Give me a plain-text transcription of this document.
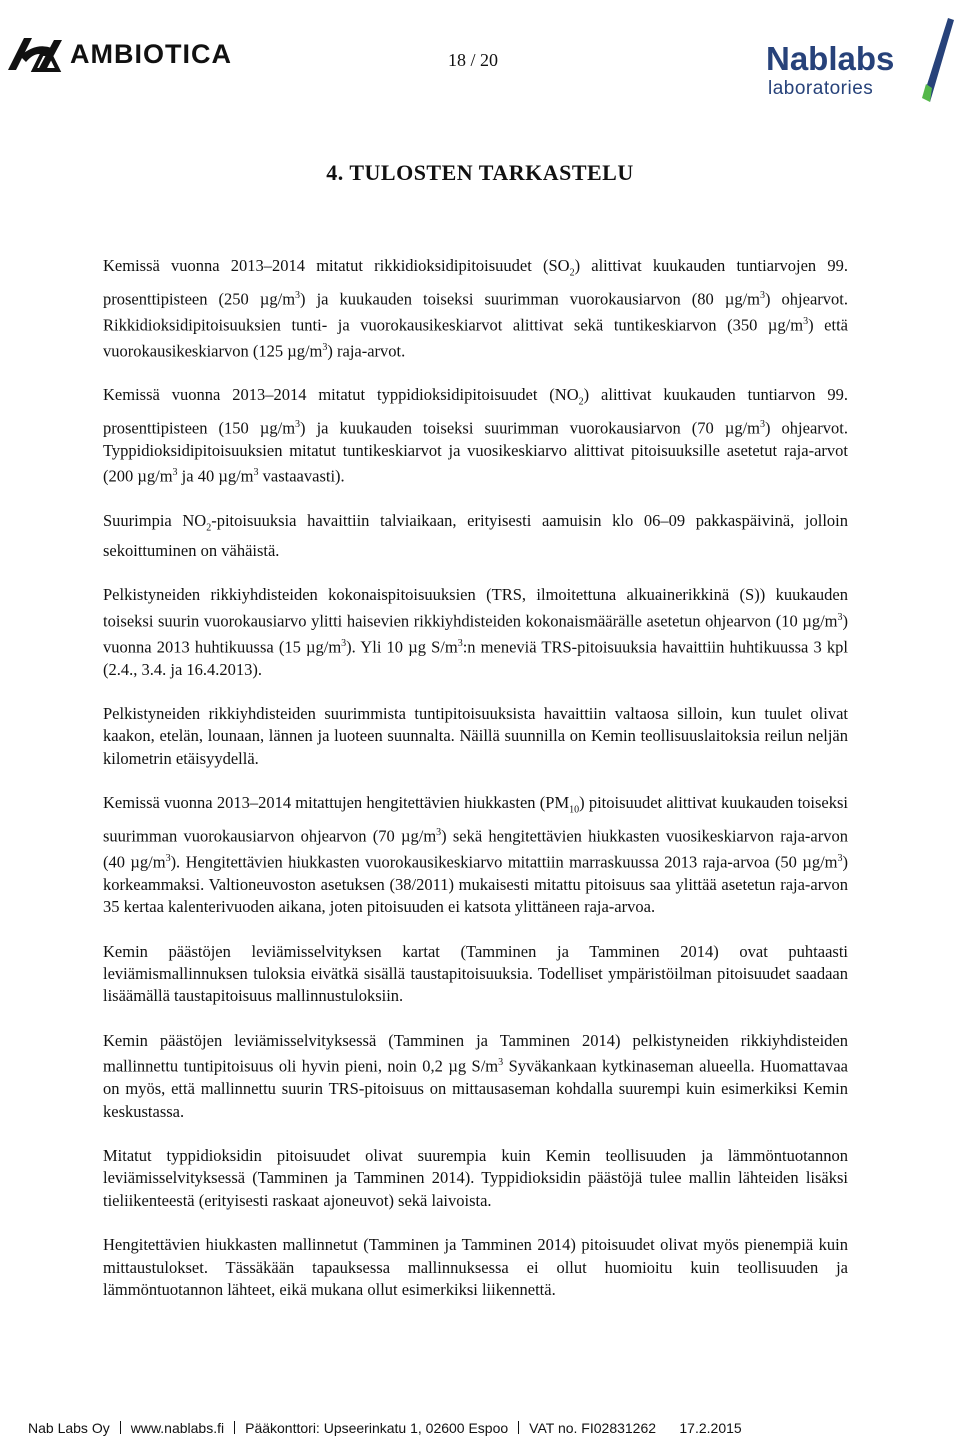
AMBIOTICA	18 / 20	Nablabs
laboratories
4. TULOSTEN TARKASTELU

Kemissä vuonna 2013–2014 mitatut rikkidioksidipitoisuudet $(SO_2)$ alittivat kuukauden tuntiarvojen 99. prosenttipisteen (250 $\mu g/m^3$) ja kuukauden toiseksi suurimman vuorokausiarvon (80 $\mu g/m^3$) ohjearvot. Rikkidioksidipitoisuuksien tunti- ja vuorokausikeskiarvot alittivat sekä tuntikeskiarvon (350 $\mu g/m^3$) että vuorokausikeskiarvon (125 $\mu g/m^3$) raja-arvot.

Kemissä vuonna 2013–2014 mitatut typpidioksidipitoisuudet $(NO_2)$ alittivat kuukauden tuntiarvon 99. prosenttipisteen (150 $\mu g/m^3$) ja kuukauden toiseksi suurimman vuorokausiarvon (70 $\mu g/m^3$) ohjearvot. Typpidioksidipitoisuuksien mitatut tuntikeskiarvot ja vuosikeskiarvo alittivat pitoisuuksille asetetut raja-arvot (200 $\mu g/m^3$ ja 40 $\mu g/m^3$ vastaavasti).

Suurimpia $NO_2$-pitoisuuksia havaittiin talviaikaan, erityisesti aamuisin klo 06–09 pakkaspäivinä, jolloin sekoittuminen on vähäistä.

Pelkistyneiden rikkiyhdisteiden kokonaispitoisuuksien (TRS, ilmoitettuna alkuainerikkinä (S)) kuukauden toiseksi suurin vuorokausiarvo ylitti haisevien rikkiyhdisteiden kokonaismäärälle asetetun ohjearvon (10 $\mu g/m^3$) vuonna 2013 huhtikuussa (15 $\mu g/m^3$). Yli 10 µg $S/m^3:n$ meneviä TRS-pitoisuuksia havaittiin huhtikuussa 3 kpl (2.4., 3.4. ja 16.4.2013).

Pelkistyneiden rikkiyhdisteiden suurimmista tuntipitoisuuksista havaittiin valtaosa silloin, kun tuulet olivat kaakon, etelän, lounaan, lännen ja luoteen suunnalta. Näillä suunnilla on Kemin teollisuuslaitoksia reilun neljän kilometrin etäisyydellä.

Kemissä vuonna 2013–2014 mitattujen hengitettävien hiukkasten $(PM_{10})$ pitoisuudet alittivat kuukauden toiseksi suurimman vuorokausiarvon ohjearvon (70 $\mu g/m^3$) sekä hengitettävien hiukkasten vuosikeskiarvon raja-arvon (40 $\mu g/m^3$). Hengitettävien hiukkasten vuorokausikeskiarvo mitattiin marraskuussa 2013 raja-arvoa (50 $\mu g/m^3$) korkeammaksi. Valtioneuvoston asetuksen (38/2011) mukaisesti mitattu pitoisuus saa ylittää asetetun raja-arvon 35 kertaa kalenterivuoden aikana, joten pitoisuuden ei katsota ylittäneen raja-arvoa.

Kemin päästöjen leviämisselvityksen kartat (Tamminen ja Tamminen 2014) ovat puhtaasti leviämismallinnuksen tuloksia eivätkä sisällä taustapitoisuuksia. Todelliset ympäristöilman pitoisuudet saadaan lisäämällä taustapitoisuus mallinnustuloksiin.

Kemin päästöjen leviämisselvityksessä (Tamminen ja Tamminen 2014) pelkistyneiden rikkiyhdisteiden mallinnettu tuntipitoisuus oli hyvin pieni, noin 0,2 µg $S/m^3$ Syväkankaan kytkinaseman alueella. Huomattavaa on myös, että mallinnettu suurin TRS-pitoisuus on mittausaseman kohdalla suurempi kuin esimerkiksi Kemin keskustassa.

Mitatut typpidioksidin pitoisuudet olivat suurempia kuin Kemin teollisuuden ja lämmöntuotannon leviämisselvityksessä (Tamminen ja Tamminen 2014). Typpidioksidin päästöjä tulee mallin lähteiden lisäksi tieliikenteestä (erityisesti raskaat ajoneuvot) sekä laivoista.

Hengitettävien hiukkasten mallinnetut (Tamminen ja Tamminen 2014) pitoisuudet olivat myös pienempiä kuin mittaustulokset. Tässäkään tapauksessa mallinnuksessa ei ollut huomioitu kuin teollisuuden ja lämmöntuotannon lähteet, eikä mukana ollut esimerkiksi liikennettä.

Nab Labs Oy www.nablabs.fi Pääkonttori: Upseerinkatu 1, 02600 Espoo VAT no. FI02831262 17.2.2015
